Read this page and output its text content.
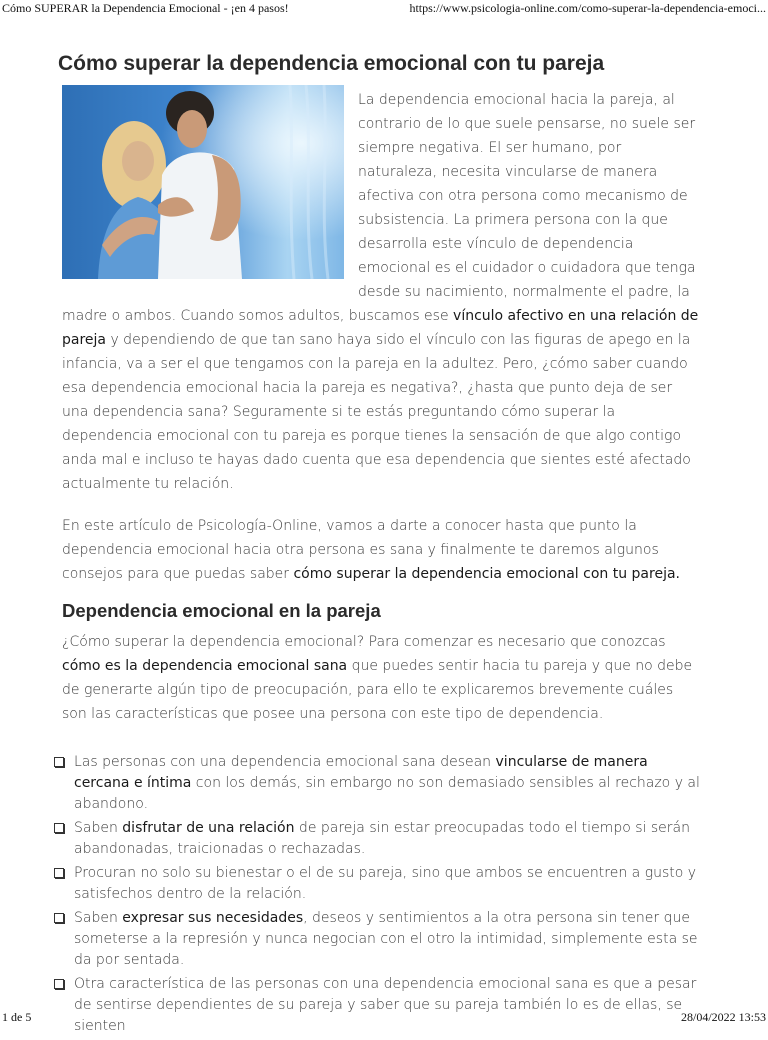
Cómo SUPERAR la Dependencia Emocional - ¡en 4 pasos!	https://www.psicologia-online.com/como-superar-la-dependencia-emoci...
Cómo superar la dependencia emocional con tu pareja

La dependencia emocional hacia la pareja, al contrario de lo que suele pensarse, no suele ser siempre negativa. El ser humano, por naturaleza, necesita vincularse de manera afectiva con otra persona como mecanismo de subsistencia. La primera persona con la que desarrolla este vínculo de dependencia emocional es el cuidador o cuidadora que tenga desde su nacimiento, normalmente el padre, la madre o ambos. Cuando somos adultos, buscamos ese vínculo afectivo en una relación de pareja y dependiendo de que tan sano haya sido el vínculo con las figuras de apego en la infancia, va a ser el que tengamos con la pareja en la adultez. Pero, ¿cómo saber cuando esa dependencia emocional hacia la pareja es negativa?, ¿hasta que punto deja de ser una dependencia sana? Seguramente si te estás preguntando cómo superar la dependencia emocional con tu pareja es porque tienes la sensación de que algo contigo anda mal e incluso te hayas dado cuenta que esa dependencia que sientes esté afectado actualmente tu relación.

En este artículo de Psicología-Online, vamos a darte a conocer hasta que punto la dependencia emocional hacia otra persona es sana y finalmente te daremos algunos consejos para que puedas saber cómo superar la dependencia emocional con tu pareja.

Dependencia emocional en la pareja

¿Cómo superar la dependencia emocional? Para comenzar es necesario que conozcas cómo es la dependencia emocional sana que puedes sentir hacia tu pareja y que no debe de generarte algún tipo de preocupación, para ello te explicaremos brevemente cuáles son las características que posee una persona con este tipo de dependencia.

Las personas con una dependencia emocional sana desean vincularse de manera cercana e íntima con los demás, sin embargo no son demasiado sensibles al rechazo y al abandono.
Saben disfrutar de una relación de pareja sin estar preocupadas todo el tiempo si serán abandonadas, traicionadas o rechazadas.
Procuran no solo su bienestar o el de su pareja, sino que ambos se encuentren a gusto y satisfechos dentro de la relación.
Saben expresar sus necesidades, deseos y sentimientos a la otra persona sin tener que someterse a la represión y nunca negocian con el otro la intimidad, simplemente esta se da por sentada.
Otra característica de las personas con una dependencia emocional sana es que a pesar de sentirse dependientes de su pareja y saber que su pareja también lo es de ellas, se sienten
1 de 5	28/04/2022 13:53
